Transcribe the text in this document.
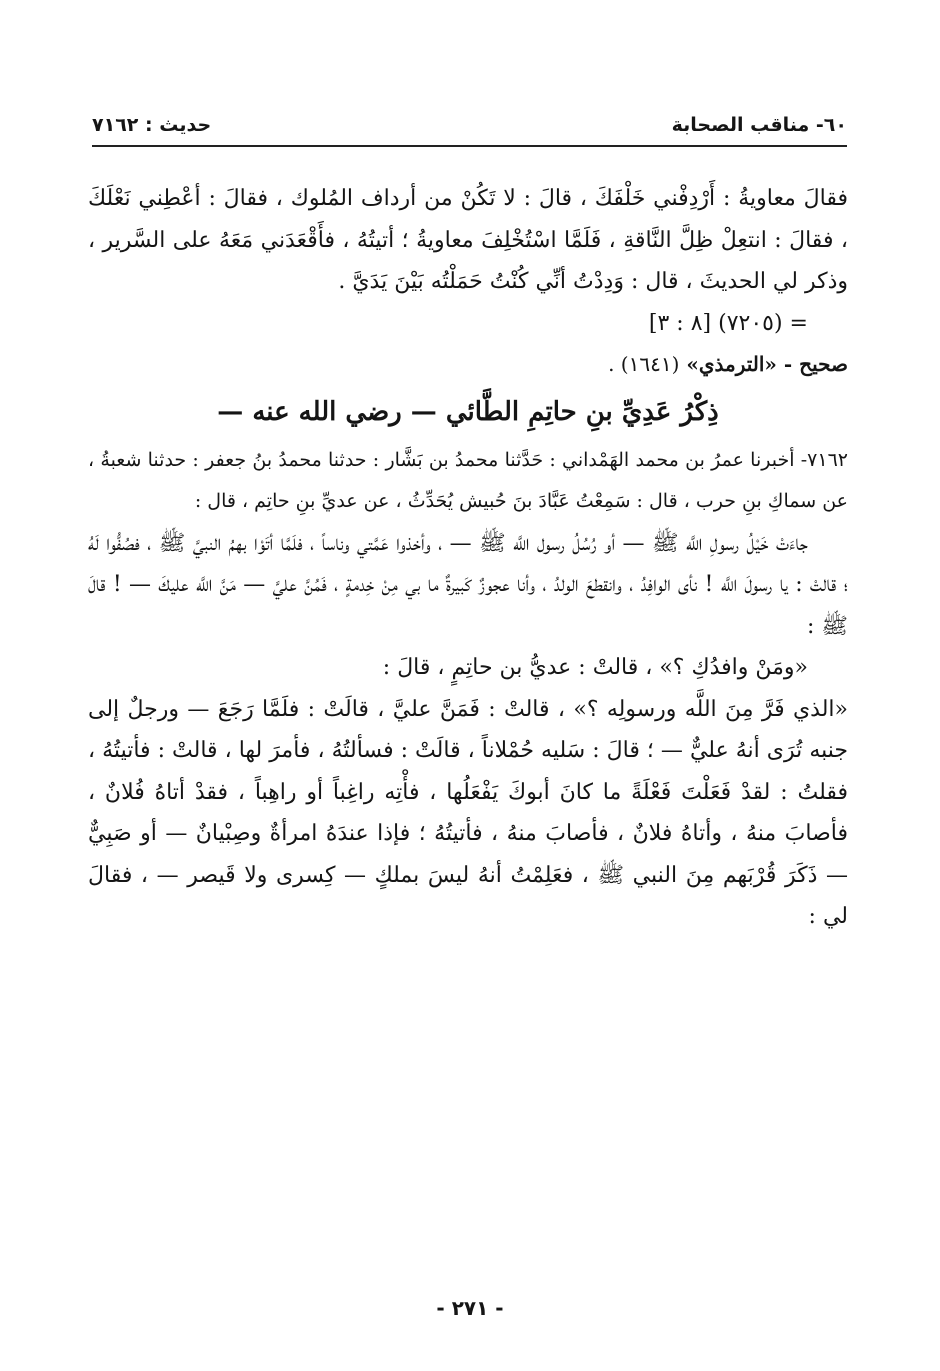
٦٠- مناقب الصحابة
حديث : ٧١٦٢

فقالَ معاويةُ : أَرْدِفْني خَلْفَكَ ، قالَ : لا تَكُنْ من أرداف المُلوك ، فقالَ : أعْطِني نَعْلَكَ ، فقالَ : انتعِلْ ظِلَّ النَّاقةِ ، فَلَمَّا اسْتُخْلِفَ معاويةُ ؛ أتيتُهُ ، فأَقْعَدَني مَعَهُ على السَّرير ، وذكر لي الحديثَ ، قال : وَدِدْتُ أنِّي كُنْتُ حَمَلْتُه بَيْنَ يَدَيَّ .

= (٧٢٠٥) [٨ : ٣]

صحيح - «الترمذي» (١٦٤١) .

ذِكْرُ عَدِيِّ بنِ حاتِمِ الطَّائي — رضي الله عنه —

٧١٦٢- أخبرنا عمرُ بن محمد الهَمْداني : حَدَّثنا محمدُ بن بَشَّار : حدثنا محمدُ بنُ جعفر : حدثنا شعبةُ ، عن سماكِ بنِ حرب ، قال : سَمِعْتُ عَبَّادَ بنَ حُبيش يُحَدِّثُ ، عن عديِّ بنِ حاتِم ، قال :

جاءَتْ خَيْلُ رسولِ اللَّه ﷺ — أو رُسُلُ رسول اللَّه ﷺ — ، وأخذوا عَمَّتي وناساً ، فلَمَّا أتَوْا بهمُ النبيَّ ﷺ ، فصُفُّوا لَهُ ؛ قالتْ : يا رسولَ اللَّه ! نأى الوافِدُ ، وانقطعَ الولدُ ، وأنا عجوزٌ كَبيرةٌ ما بي مِنْ خِدمةٍ ، فَمُنَّ عليَّ — مَنَّ اللَّه عليكَ — ! قالَ ﷺ :

«ومَنْ وافدُكِ ؟» ، قالتْ : عديُّ بن حاتِمٍ ، قالَ :

«الذي فَرَّ مِنَ اللَّه ورسولِه ؟» ، قالتْ : فَمَنَّ عليَّ ، قالَتْ : فلَمَّا رَجَعَ — ورجلٌ إلى جنبه تُرَى أنهُ عليٌّ — ؛ قالَ : سَليه حُمْلاناً ، قالَتْ : فسألتُهُ ، فأمرَ لها ، قالتْ : فأتيتُهُ ، فقلتُ : لقدْ فَعَلْتَ فَعْلَةً ما كانَ أبوكَ يَفْعَلُها ، فأْتِه راغِباً أو راهِباً ، فقدْ أتاهُ فُلانٌ ، فأصابَ منهُ ، وأتاهُ فلانٌ ، فأصابَ منهُ ، فأتيتُهُ ؛ فإذا عندَهُ امرأةٌ وصِبْيانٌ — أو صَبِيٌّ — ذَكَرَ قُرْبَهم مِنَ النبي ﷺ ، فعَلِمْتُ أنهُ ليسَ بملكٍ — كِسرى ولا قَيصر — ، فقالَ لي :

- ٢٧١ -
